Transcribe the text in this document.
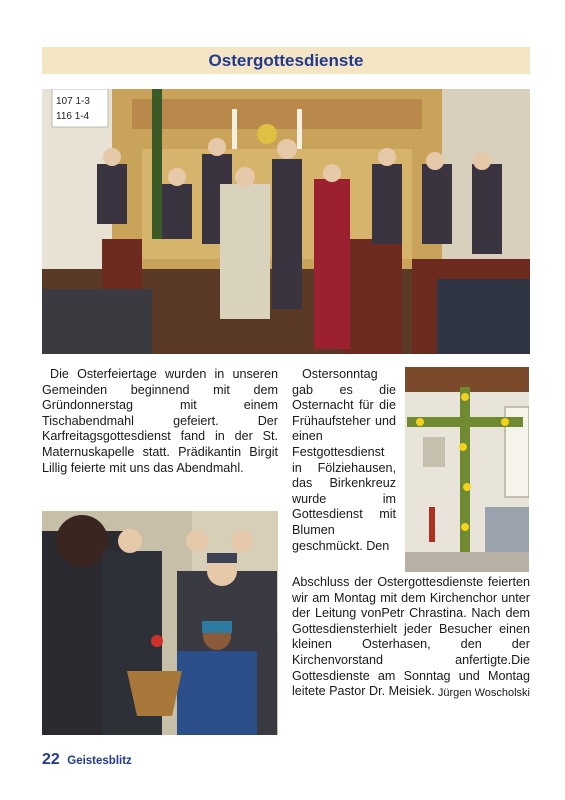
Ostergottesdienste
107 1-3
116 1-4
Die Osterfeiertage wurden in unseren Gemeinden beginnend mit dem Gründonnerstag mit einem Tischabendmahl gefeiert. Der Karfreitagsgottesdienst fand in der St. Maternuskapelle statt. Prädikantin Birgit Lillig feierte mit uns das Abendmahl.
Ostersonntag gab es die Osternacht für die Frühaufsteher und einen Festgottesdienst in Fölziehausen, das Birkenkreuz wurde im Gottesdienst mit Blumen geschmückt. Den
Abschluss der Ostergottesdienste feierten wir am Montag mit dem Kirchenchor unter der Leitung vonPetr Chrastina. Nach dem Gottesdiensterhielt jeder Besucher einen kleinen Osterhasen, den der Kirchenvorstand anfertigte.Die Gottesdienste am Sonntag und Montag leitete Pastor Dr. Meisiek. Jürgen Woscholski
22 Geistesblitz
